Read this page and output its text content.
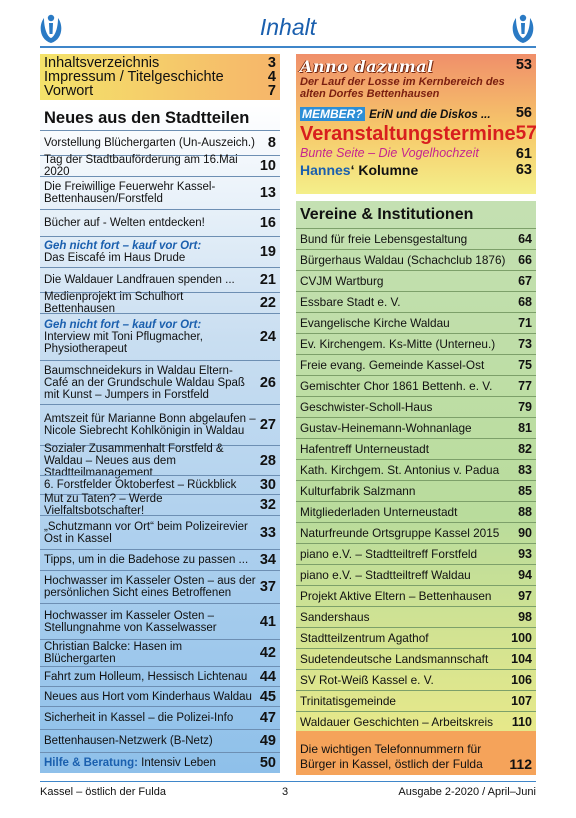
Inhalt
Inhaltsverzeichnis	3
Impressum / Titelgeschichte	4
Vorwort	7
Neues aus den Stadtteilen
Vorstellung Blüchergarten (Un-Auszeich.) 8
Tag der Stadtbauförderung am 16.Mai 2020	10
Die Freiwillige Feuerwehr Kassel-Bettenhausen/Forstfeld	13
Bücher auf - Welten entdecken!	16
Geh nicht fort – kauf vor Ort:
Das Eiscafé im Haus Drude	19
Die Waldauer Landfrauen spenden ...	21
Medienprojekt im Schulhort Bettenhausen	22
Geh nicht fort – kauf vor Ort:
Interview mit Toni Pflugmacher, Physiotherapeut
24
Baumschneidekurs in Waldau Eltern-Café an der Grundschule Waldau Spaß mit Kunst – Jumpers in Forstfeld
26
Amtszeit für Marianne Bonn abgelaufen – Nicole Siebrecht Kohlkönigin in Waldau	27
Sozialer Zusammenhalt Forstfeld & Waldau – Neues aus dem Stadtteilmanagement
28
6. Forstfelder Oktoberfest – Rückblick	30
Mut zu Taten? – Werde Vielfaltsbotschafter!	32
„Schutzmann vor Ort“ beim Polizeirevier Ost in Kassel	33
Tipps, um in die Badehose zu passen ... 34
Hochwasser im Kasseler Osten – aus der persönlichen Sicht eines Betroffenen	37
Hochwasser im Kasseler Osten – Stellungnahme von Kasselwasser	41
Christian Balcke: Hasen im Blüchergarten	42
Fahrt zum Holleum, Hessisch Lichtenau 44
Neues aus Hort vom Kinderhaus Waldau 45
Sicherheit in Kassel – die Polizei-Info	47
Bettenhausen-Netzwerk (B-Netz)	49
Hilfe & Beratung: Intensiv Leben	50
Anno dazumal	53
Der Lauf der Losse im Kernbereich des alten Dorfes Bettenhausen
MEMBER? EriN und die Diskos ... 56
Veranstaltungstermine 57
Bunte Seite – Die Vogelhochzeit	61
Hannes‘ Kolumne	63
Vereine & Institutionen
Bund für freie Lebensgestaltung	64
Bürgerhaus Waldau (Schachclub 1876) 66
CVJM Wartburg	67
Essbare Stadt e. V.	68
Evangelische Kirche Waldau	71
Ev. Kirchengem. Ks-Mitte (Unterneu.) 73
Freie evang. Gemeinde Kassel-Ost	75
Gemischter Chor 1861 Bettenh. e. V. 77
Geschwister-Scholl-Haus	79
Gustav-Heinemann-Wohnanlage	81
Hafentreff Unterneustadt	82
Kath. Kirchgem. St. Antonius v. Padua 83
Kulturfabrik Salzmann	85
Mitgliederladen Unterneustadt	88
Naturfreunde Ortsgruppe Kassel 2015 90
piano e.V. – Stadtteiltreff Forstfeld	93
piano e.V. – Stadtteiltreff Waldau	94
Projekt Aktive Eltern – Bettenhausen 97
Sandershaus	98
Stadtteilzentrum Agathof	100
Sudetendeutsche Landsmannschaft 104
SV Rot-Weiß Kassel e. V.	106
Trinitatisgemeinde	107
Waldauer Geschichten – Arbeitskreis 110
Die wichtigen Telefonnummern für Bürger in Kassel, östlich der Fulda	112
Kassel – östlich der Fulda	3	Ausgabe 2-2020 / April–Juni
